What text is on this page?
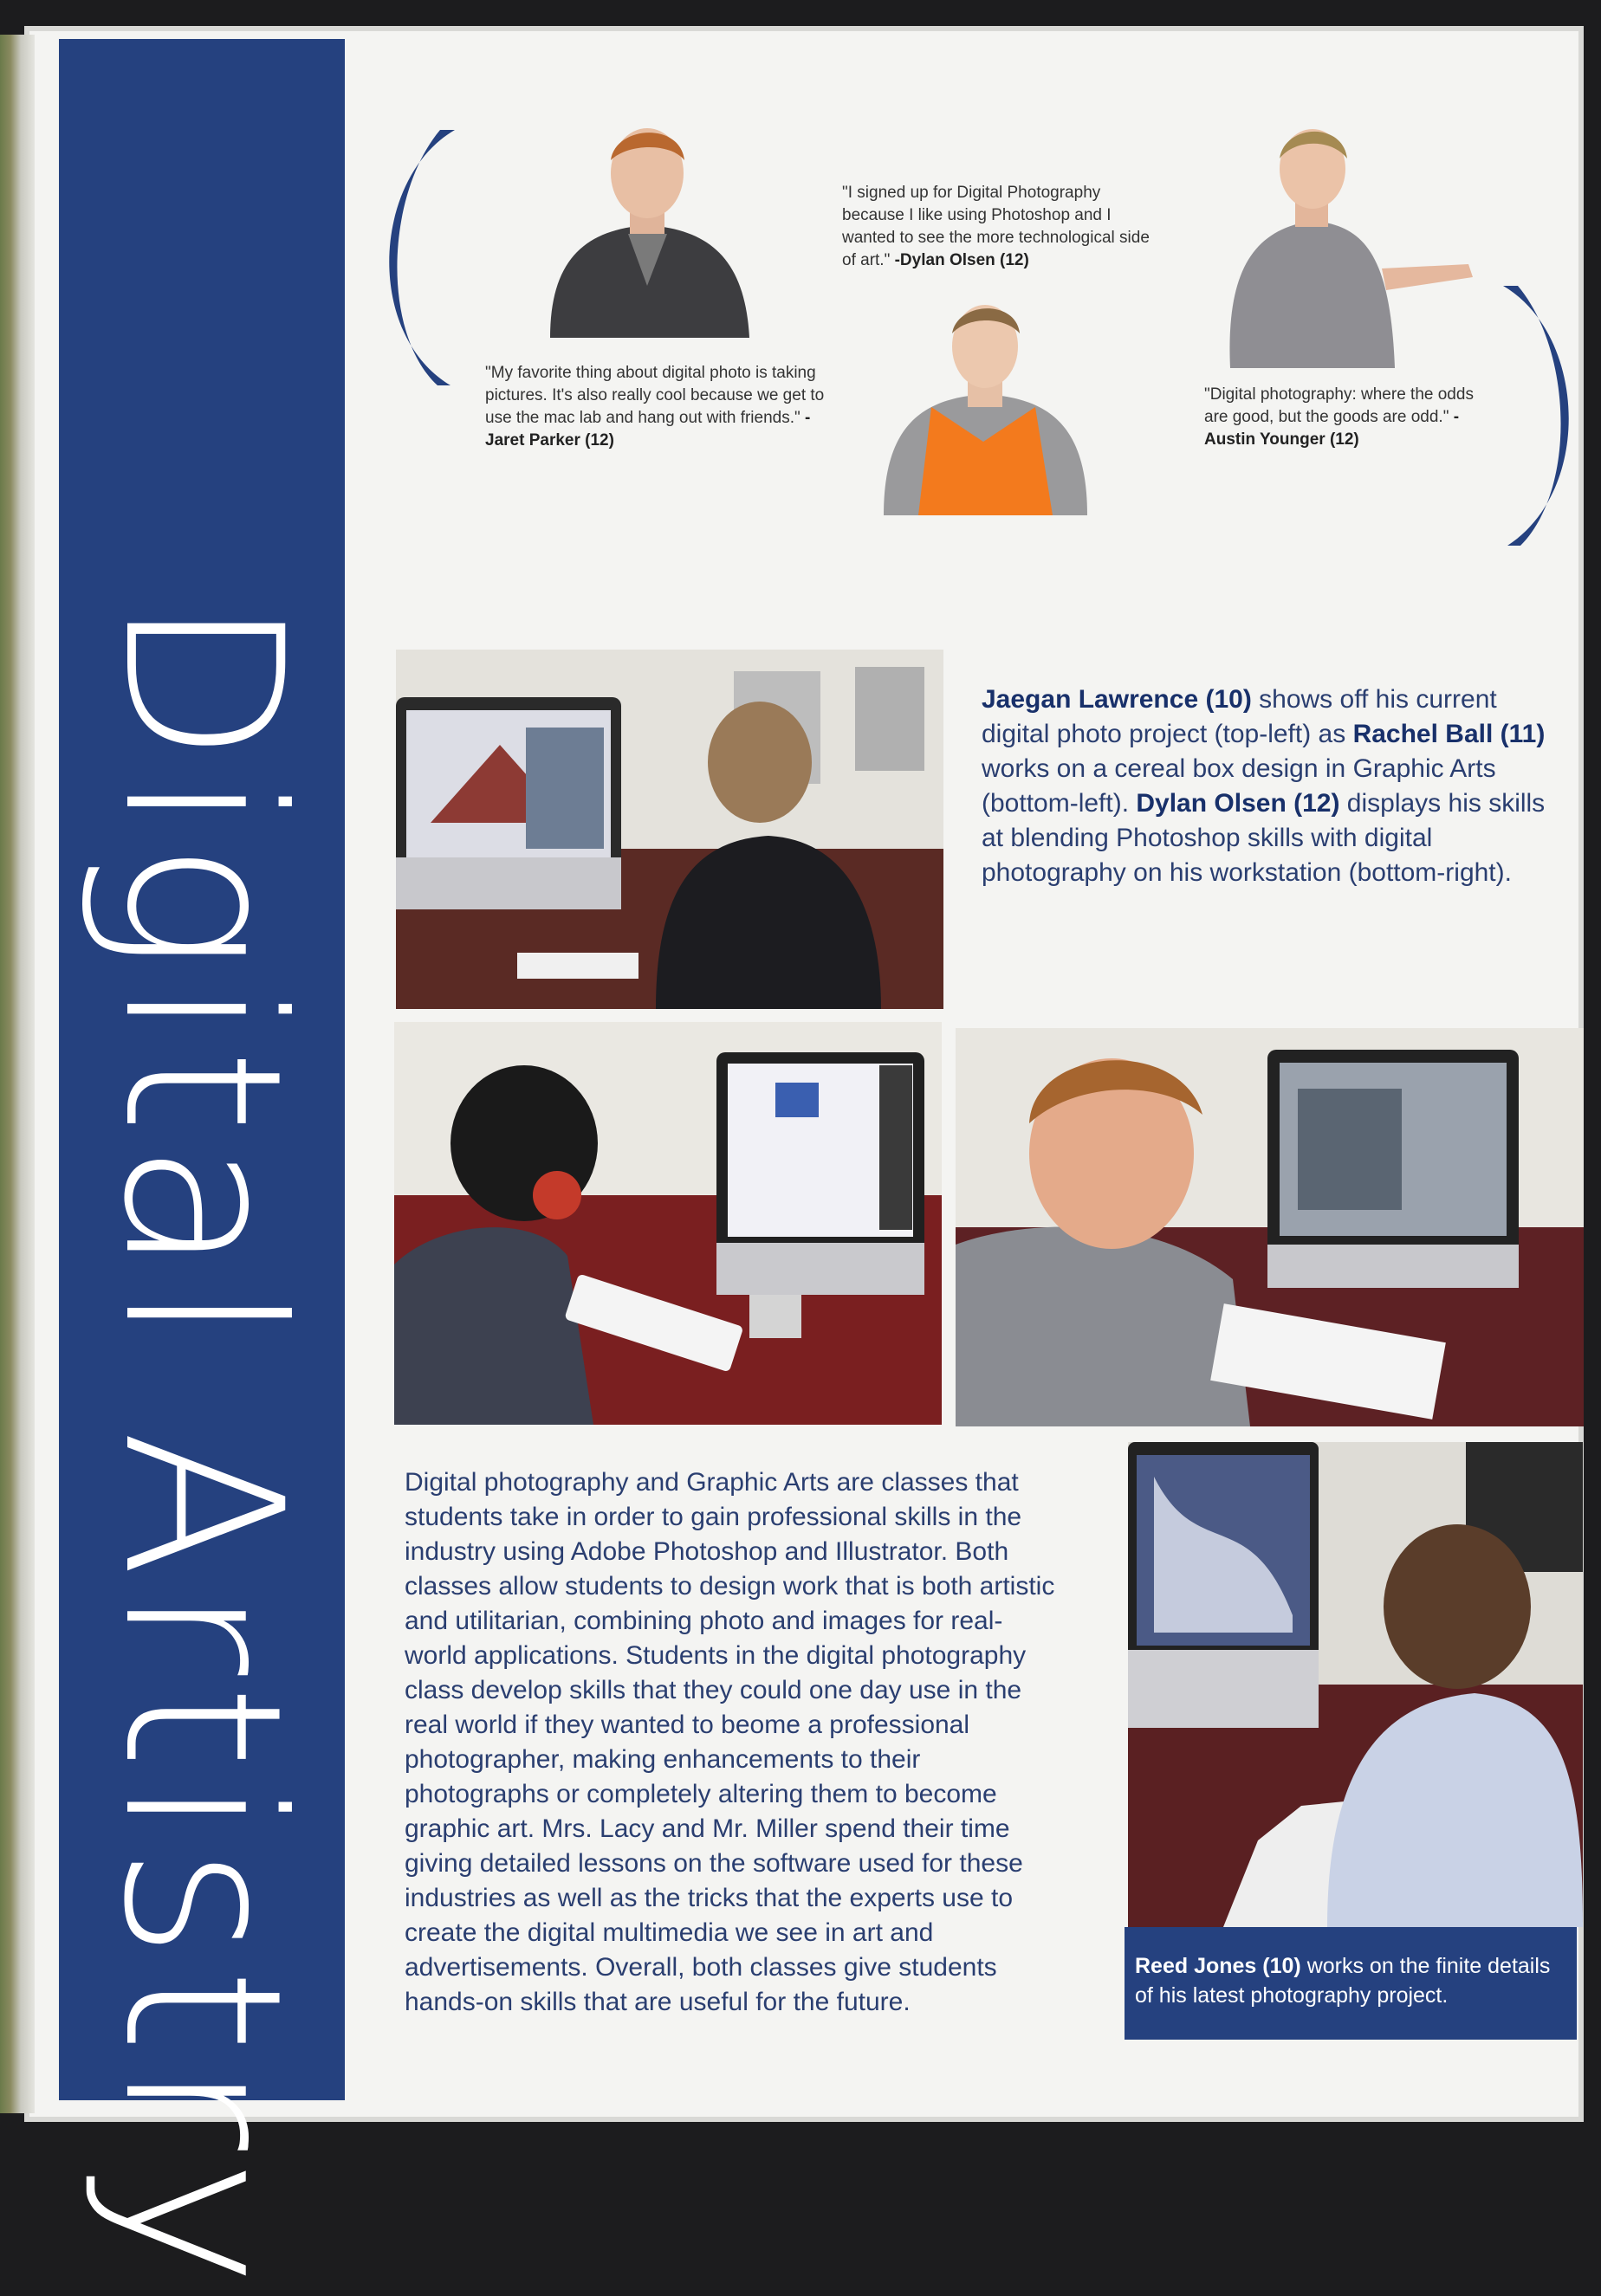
Digital Artistry
"I signed up for Digital Photography because I like using Photoshop and I wanted to see the more technological side of art." -Dylan Olsen (12)
"My favorite thing about digital photo is taking pictures. It's also really cool because we get to use the mac lab and hang out with friends." -Jaret Parker (12)
"Digital photography: where the odds are good, but the goods are odd." -Austin Younger (12)
Jaegan Lawrence (10) shows off his current digital photo project (top-left) as Rachel Ball (11) works on a cereal box design in Graphic Arts (bottom-left). Dylan Olsen (12) displays his skills at blending Photoshop skills with digital photography on his workstation (bottom-right).
Digital photography and Graphic Arts are classes that students take in order to gain professional skills in the industry using Adobe Photoshop and Illustrator. Both classes allow students to design work that is both artistic and utilitarian, combining photo and images for real-world applications. Students in the digital photography class develop skills that they could one day use in the real world if they wanted to beome a professional photographer, making enhancements to their photographs or completely altering them to become graphic art. Mrs. Lacy and Mr. Miller spend their time giving detailed lessons on the software used for these industries as well as the tricks that the experts use to create the digital multimedia we see in art and advertisements. Overall, both classes give students hands-on skills that are useful for the future.
Reed Jones (10) works on the finite details of his latest photography project.
